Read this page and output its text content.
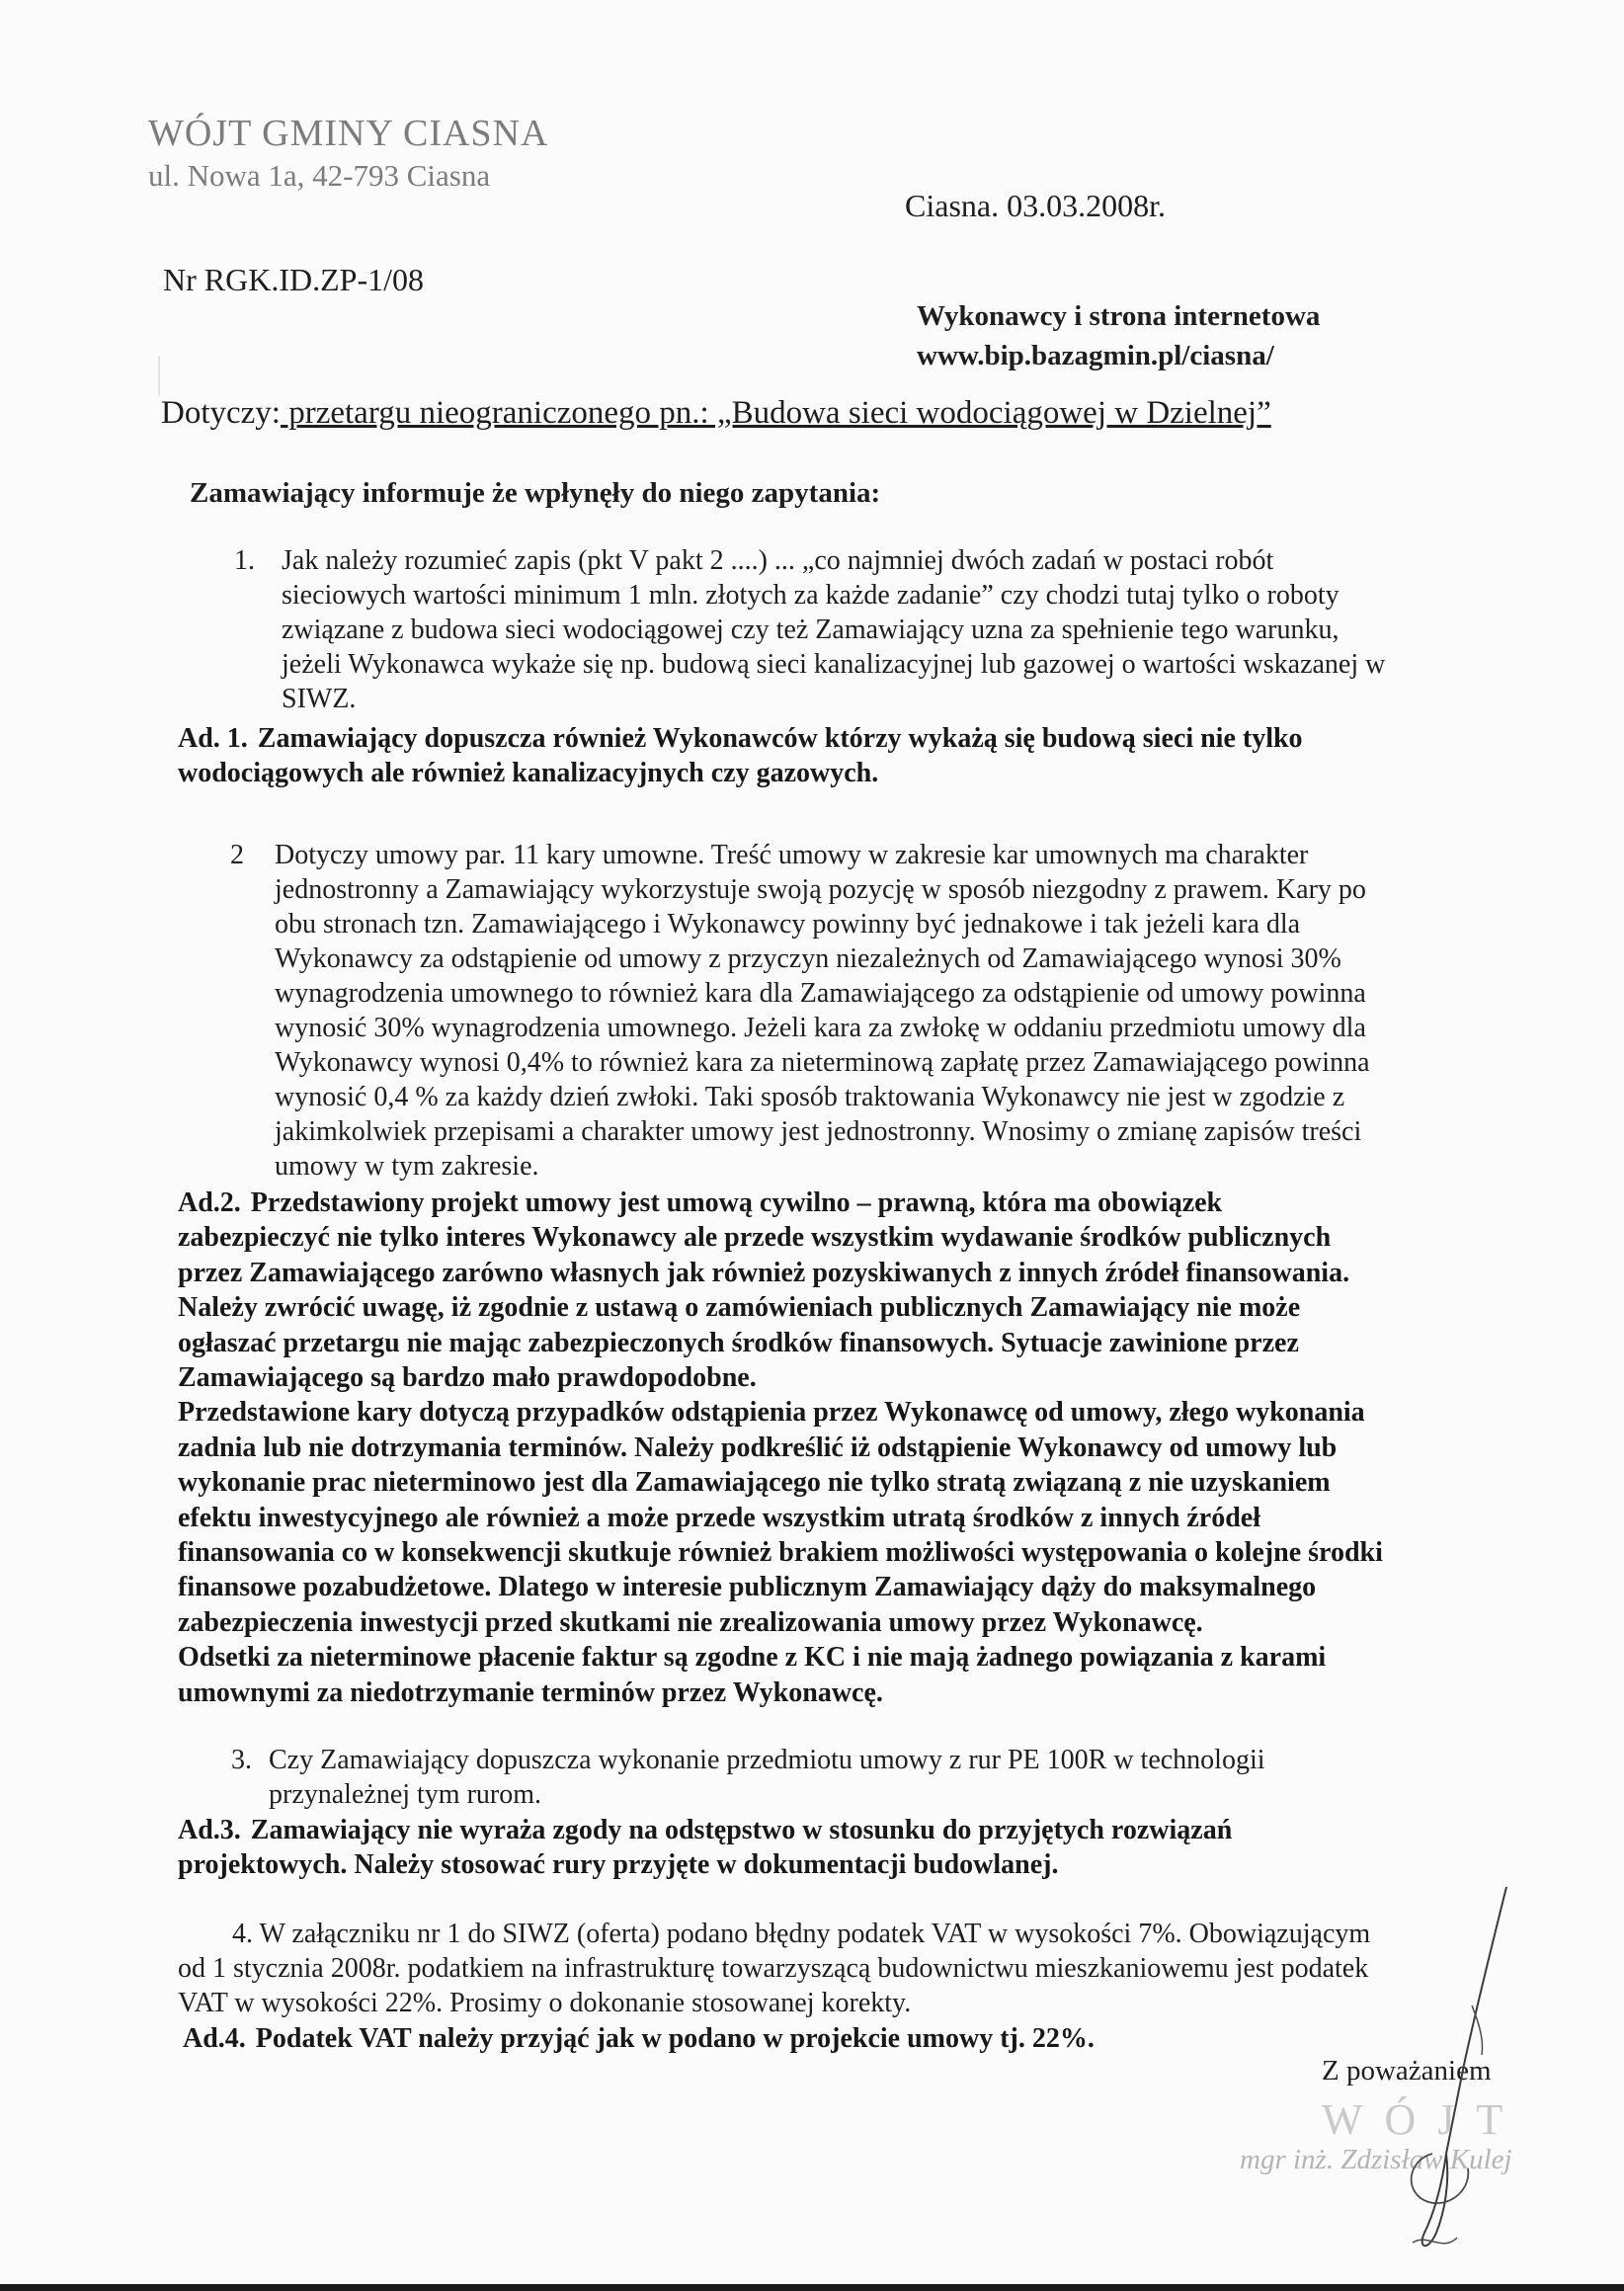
WÓJT GMINY CIASNA
ul. Nowa 1a, 42-793 Ciasna
Ciasna. 03.03.2008r.
Nr RGK.ID.ZP-1/08
Wykonawcy i strona internetowa
www.bip.bazagmin.pl/ciasna/
Dotyczy: przetargu nieograniczonego pn.: „Budowa sieci wodociągowej w Dzielnej”
Zamawiający informuje że wpłynęły do niego zapytania:
1. Jak należy rozumieć zapis (pkt V pakt 2 ....) ... „co najmniej dwóch zadań w postaci robót
sieciowych wartości minimum 1 mln. złotych za każde zadanie” czy chodzi tutaj tylko o roboty
związane z budowa sieci wodociągowej czy też Zamawiający uzna za spełnienie tego warunku,
jeżeli Wykonawca wykaże się np. budową sieci kanalizacyjnej lub gazowej o wartości wskazanej w
SIWZ.
Ad. 1. Zamawiający dopuszcza również Wykonawców którzy wykażą się budową sieci nie tylko
wodociągowych ale również kanalizacyjnych czy gazowych.
2 Dotyczy umowy par. 11 kary umowne. Treść umowy w zakresie kar umownych ma charakter
jednostronny a Zamawiający wykorzystuje swoją pozycję w sposób niezgodny z prawem. Kary po
obu stronach tzn. Zamawiającego i Wykonawcy powinny być jednakowe i tak jeżeli kara dla
Wykonawcy za odstąpienie od umowy z przyczyn niezależnych od Zamawiającego wynosi 30%
wynagrodzenia umownego to również kara dla Zamawiającego za odstąpienie od umowy powinna
wynosić 30% wynagrodzenia umownego. Jeżeli kara za zwłokę w oddaniu przedmiotu umowy dla
Wykonawcy wynosi 0,4% to również kara za nieterminową zapłatę przez Zamawiającego powinna
wynosić 0,4 % za każdy dzień zwłoki. Taki sposób traktowania Wykonawcy nie jest w zgodzie z
jakimkolwiek przepisami a charakter umowy jest jednostronny. Wnosimy o zmianę zapisów treści
umowy w tym zakresie.
Ad.2. Przedstawiony projekt umowy jest umową cywilno – prawną, która ma obowiązek
zabezpieczyć nie tylko interes Wykonawcy ale przede wszystkim wydawanie środków publicznych
przez Zamawiającego zarówno własnych jak również pozyskiwanych z innych źródeł finansowania.
Należy zwrócić uwagę, iż zgodnie z ustawą o zamówieniach publicznych Zamawiający nie może
ogłaszać przetargu nie mając zabezpieczonych środków finansowych. Sytuacje zawinione przez
Zamawiającego są bardzo mało prawdopodobne.
Przedstawione kary dotyczą przypadków odstąpienia przez Wykonawcę od umowy, złego wykonania
zadnia lub nie dotrzymania terminów. Należy podkreślić iż odstąpienie Wykonawcy od umowy lub
wykonanie prac nieterminowo jest dla Zamawiającego nie tylko stratą związaną z nie uzyskaniem
efektu inwestycyjnego ale również a może przede wszystkim utratą środków z innych źródeł
finansowania co w konsekwencji skutkuje również brakiem możliwości występowania o kolejne środki
finansowe pozabudżetowe. Dlatego w interesie publicznym Zamawiający dąży do maksymalnego
zabezpieczenia inwestycji przed skutkami nie zrealizowania umowy przez Wykonawcę.
Odsetki za nieterminowe płacenie faktur są zgodne z KC i nie mają żadnego powiązania z karami
umownymi za niedotrzymanie terminów przez Wykonawcę.
3. Czy Zamawiający dopuszcza wykonanie przedmiotu umowy z rur PE 100R w technologii
przynależnej tym rurom.
Ad.3. Zamawiający nie wyraża zgody na odstępstwo w stosunku do przyjętych rozwiązań
projektowych. Należy stosować rury przyjęte w dokumentacji budowlanej.
4. W załączniku nr 1 do SIWZ (oferta) podano błędny podatek VAT w wysokości 7%. Obowiązującym
od 1 stycznia 2008r. podatkiem na infrastrukturę towarzyszącą budownictwu mieszkaniowemu jest podatek
VAT w wysokości 22%. Prosimy o dokonanie stosowanej korekty.
Ad.4. Podatek VAT należy przyjąć jak w podano w projekcie umowy tj. 22%.
Z poważaniem
WÓJT
mgr inż. Zdzisław Kulej
